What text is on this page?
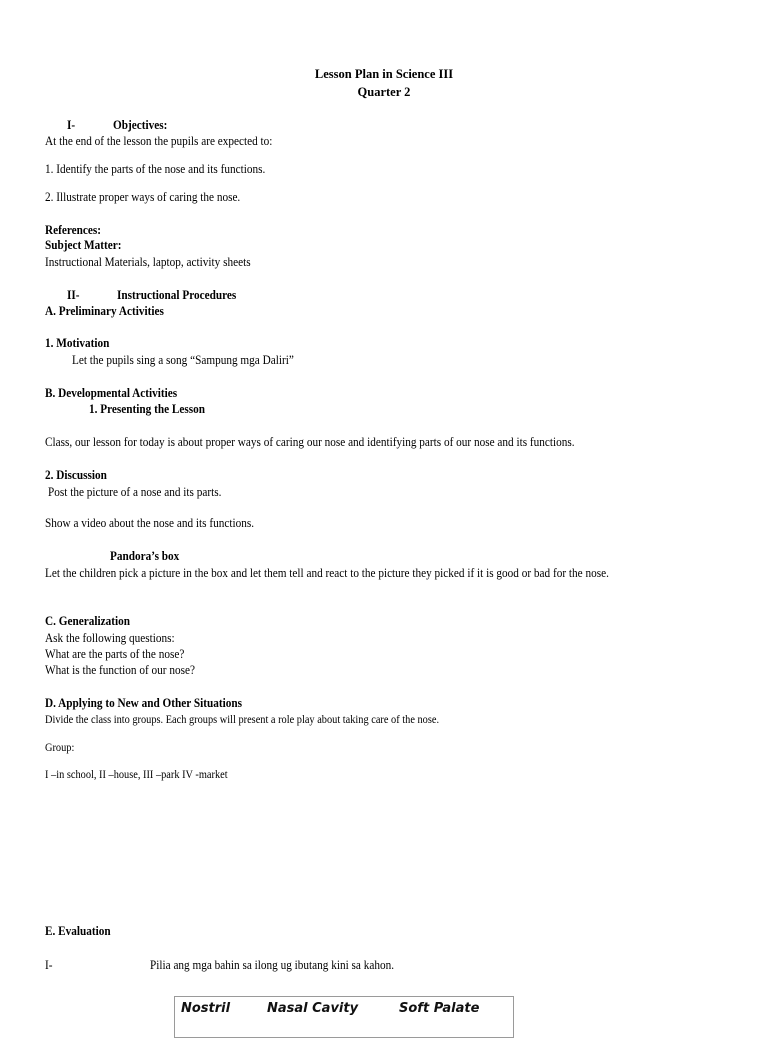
Lesson Plan in Science III
Quarter 2
I-	Objectives:
At the end of the lesson the pupils are expected to:
1. Identify the parts of the nose and its functions.
2. Illustrate proper ways of caring the nose.
References:
Subject Matter:
Instructional Materials, laptop, activity sheets
II-	Instructional Procedures
A. Preliminary Activities
1. Motivation
Let the pupils sing a song “Sampung mga Daliri”
B. Developmental Activities
1. Presenting the Lesson
Class, our lesson for today is about proper ways of caring our nose and identifying parts of our nose and its functions.
2. Discussion
Post the picture of a nose and its parts.
Show a video about the nose and its functions.
Pandora’s box
Let the children pick a picture in the box and let them tell and react to the picture they picked if it is good or bad for the nose.
C. Generalization
Ask the following questions:
What are the parts of the nose?
What is the function of our nose?
D. Applying to New and Other Situations
Divide the class into groups. Each groups will present a role play about taking care of the nose.
Group:
I –in school, II –house, III –park IV -market
E. Evaluation
I-	Pilia ang mga bahin sa ilong ug ibutang kini sa kahon.
Nostril	Nasal Cavity	Soft Palate
